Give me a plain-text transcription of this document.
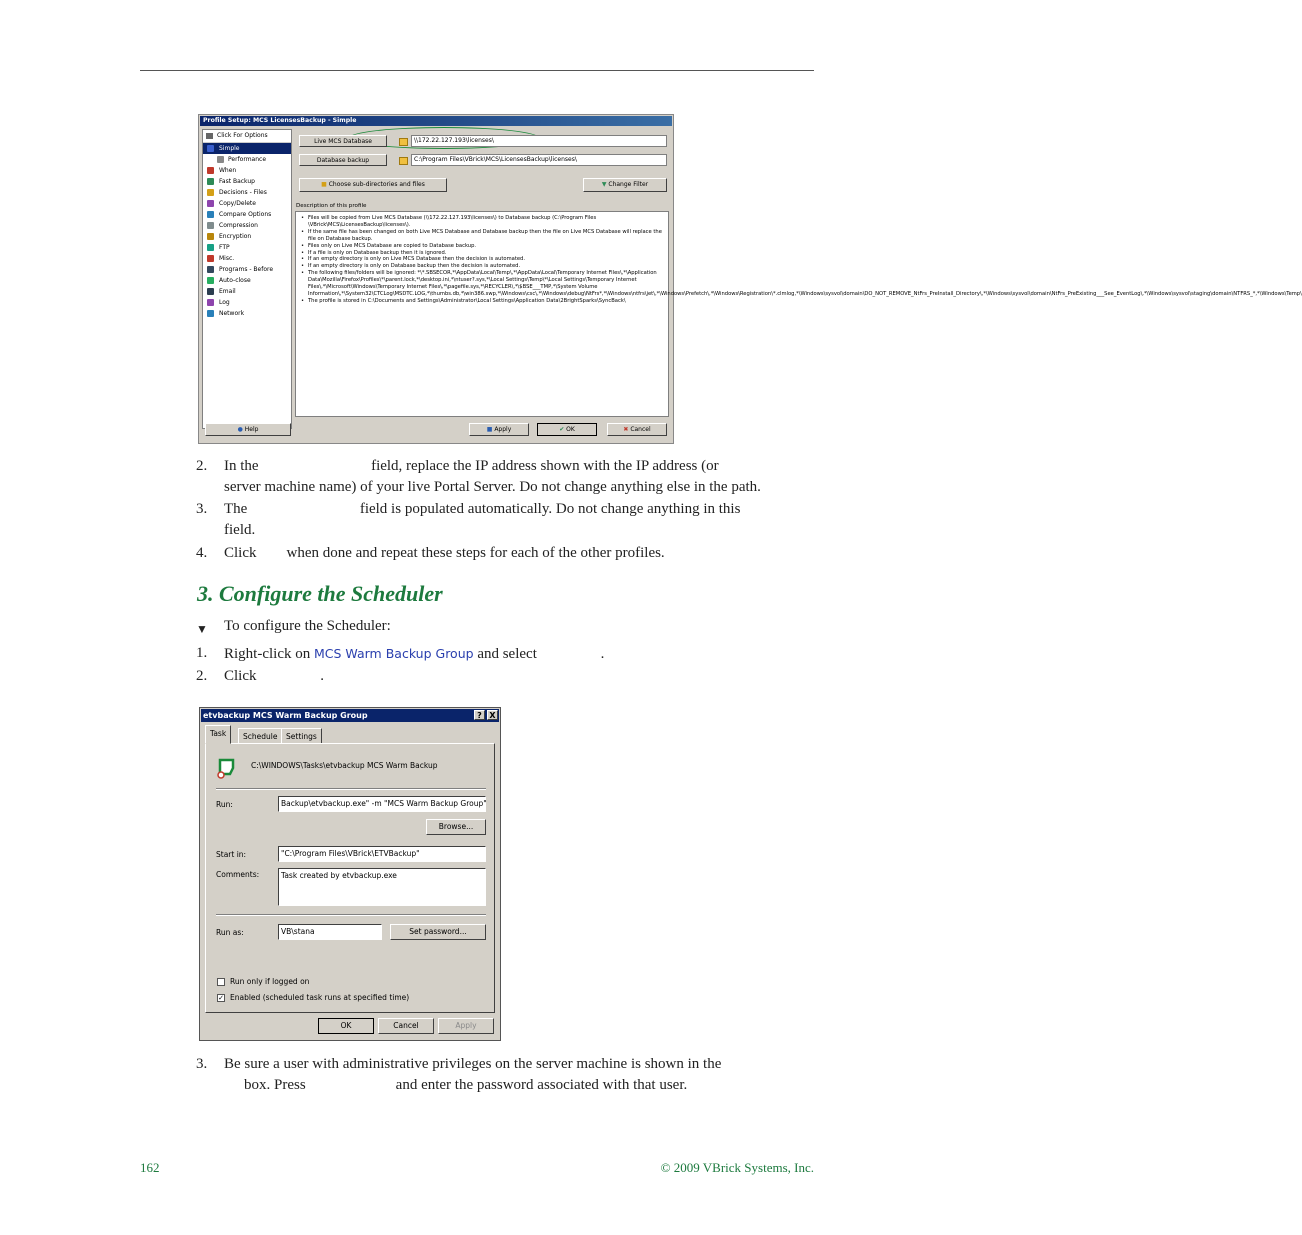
Profile Setup: MCS LicensesBackup - Simple
Click For Options
Simple
Performance
When
Fast Backup
Decisions - Files
Copy/Delete
Compare Options
Compression
Encryption
FTP
Misc.
Programs - Before
Auto-close
Email
Log
Network
Live MCS Database	\\172.22.127.193\licenses\
Database backup	C:\Program Files\VBrick\MCS\LicensesBackup\licenses\
■ Choose sub-directories and files	▼ Change Filter
Description of this profile
• Files will be copied from Live MCS Database (\\172.22.127.193\licenses\) to Database backup (C:\Program Files \VBrick\MCS\LicensesBackup\licenses\).
• If the same file has been changed on both Live MCS Database and Database backup then the file on Live MCS Database will replace the file on Database backup.
• Files only on Live MCS Database are copied to Database backup.
• If a file is only on Database backup then it is ignored.
• If an empty directory is only on Live MCS Database then the decision is automated.
• If an empty directory is only on Database backup then the decision is automated.
• The following files/folders will be ignored: *\*.SBSECOR,*\AppData\Local\Temp\,*\AppData\Local\Temporary Internet Files\,*\Application Data\Mozilla\Firefox\Profiles\*\parent.lock,*\desktop.ini,*\ntuser?.sys,*\Local Settings\Temp\*\Local Settings\Temporary Internet Files\,*\Microsoft\Windows\Temporary Internet Files\,*\pagefile.sys,*\RECYCLER\,*\$BSE___TMP,*\System Volume Information\,*\System32\CTCLog\MSDTC.LOG,*\thumbs.db,*\win386.swp,*\Windows\csc\,*\Windows\debug\NtFrs*,*\Windows\ntfrs\jet\,*\Windows\Prefetch\,*\Windows\Registration\*.clmlog,*\Windows\sysvol\domain\DO_NOT_REMOVE_NtFrs_PreInstall_Directory\,*\Windows\sysvol\domain\NtFrs_PreExisting___See_EventLog\,*\Windows\sysvol\staging\domain\NTFRS_*,*\Windows\Temp\
• The profile is stored in C:\Documents and Settings\Administrator\Local Settings\Application Data\2BrightSparks\SyncBack\
● Help	■ Apply	✔ OK	✖ Cancel
2. In the                              field, replace the IP address shown with the IP address (or
server machine name) of your live Portal Server. Do not change anything else in the path.
3. The                              field is populated automatically. Do not change anything in this
field.
4. Click        when done and repeat these steps for each of the other profiles.
3. Configure the Scheduler
▼ To configure the Scheduler:
1. Right-click on MCS Warm Backup Group and select                 .
2. Click                 .
etvbackup MCS Warm Backup Group	? X
Task	Schedule	Settings
C:\WINDOWS\Tasks\etvbackup MCS Warm Backup
Run:	Backup\etvbackup.exe" -m "MCS Warm Backup Group"
Browse...
Start in:	"C:\Program Files\VBrick\ETVBackup"
Comments:	Task created by etvbackup.exe
Run as:	VB\stana	Set password...
Run only if logged on
✓ Enabled (scheduled task runs at specified time)
OK	Cancel	Apply
3. Be sure a user with administrative privileges on the server machine is shown in the
box. Press                        and enter the password associated with that user.
162	© 2009 VBrick Systems, Inc.
